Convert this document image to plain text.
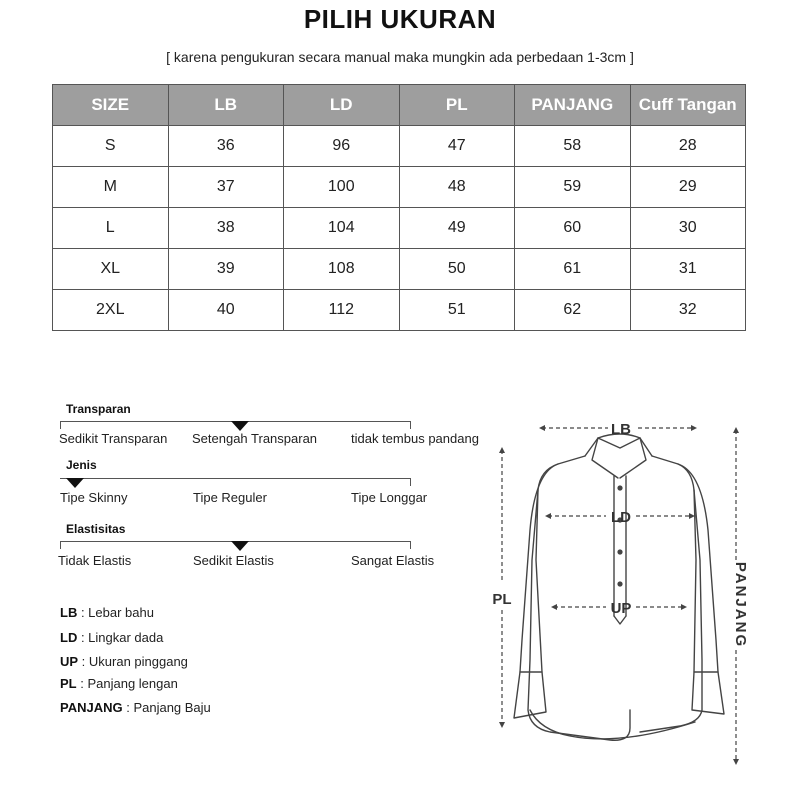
PILIH UKURAN
[ karena pengukuran secara manual maka mungkin ada perbedaan 1-3cm ]
SIZE	LB	LD	PL	PANJANG	Cuff Tangan
S	36	96	47	58	28
M	37	100	48	59	29
L	38	104	49	60	30
XL	39	108	50	61	31
2XL	40	112	51	62	32
Transparan
Sedikit Transparan Setengah Transparan	tidak tembus pandang
Jenis
Tipe Skinny	Tipe Reguler	Tipe Longgar
Elastisitas
Tidak Elastis	Sedikit Elastis	Sangat Elastis
LB : Lebar bahu
LD : Lingkar dada
UP : Ukuran pinggang
PL : Panjang lengan
PANJANG : Panjang Baju
LB
LD
UP
PL	PANJANG
